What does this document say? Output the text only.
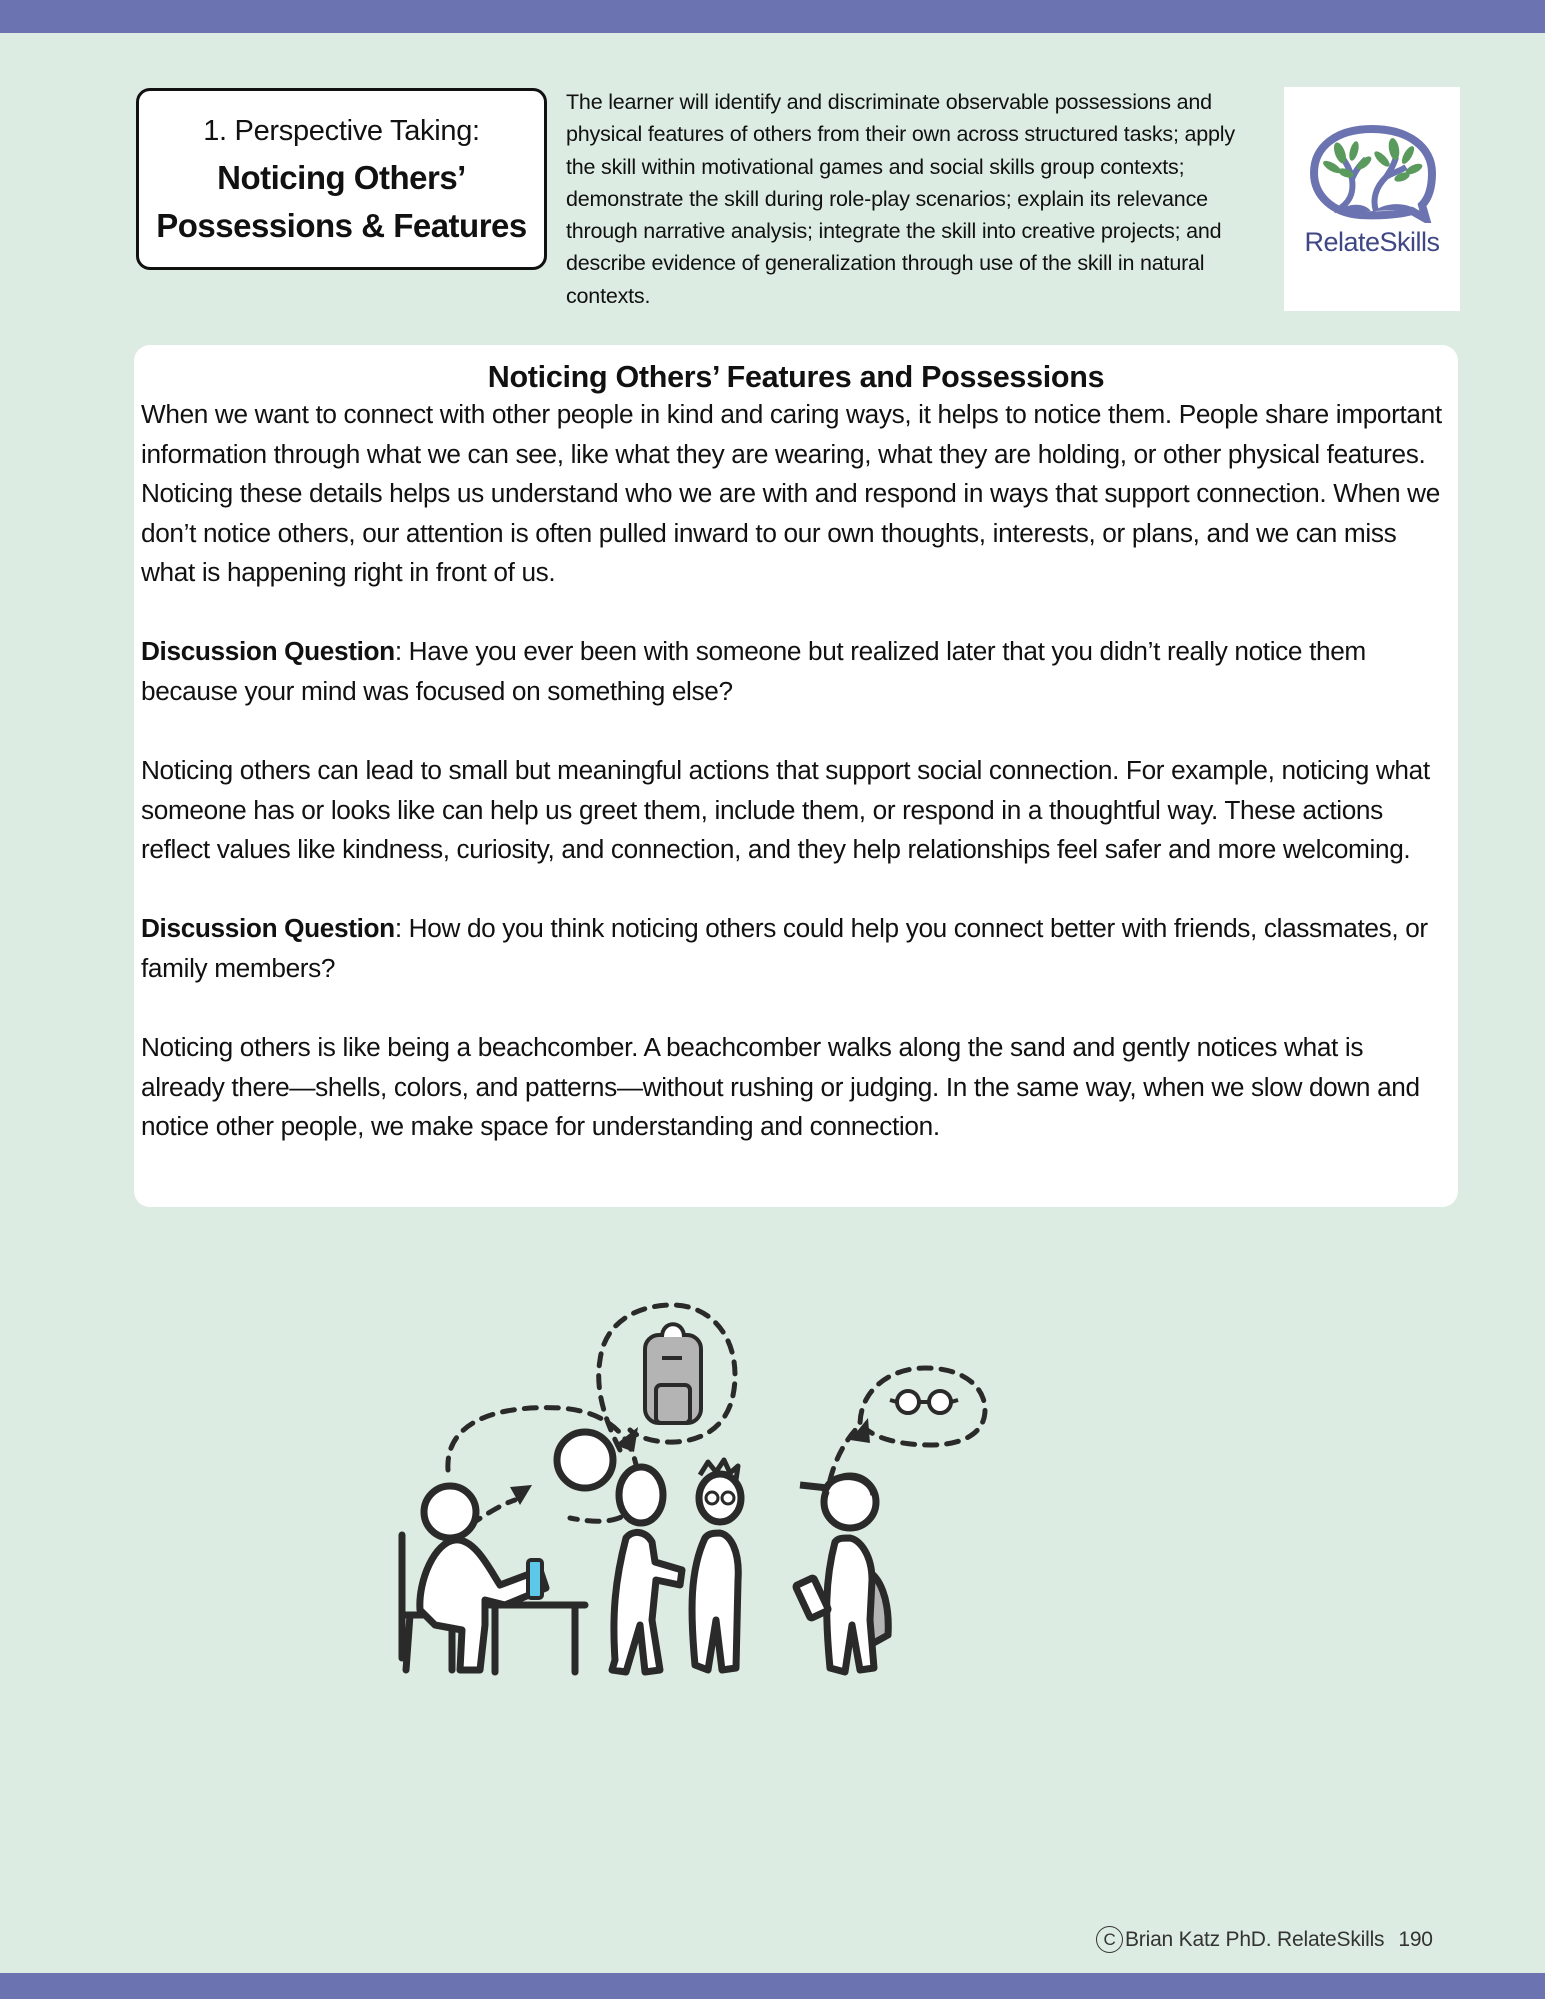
1. Perspective Taking:
Noticing Others’
Possessions & Features
The learner will identify and discriminate observable possessions and physical features of others from their own across structured tasks; apply the skill within motivational games and social skills group contexts; demonstrate the skill during role-play scenarios; explain its relevance through narrative analysis; integrate the skill into creative projects; and describe evidence of generalization through use of the skill in natural contexts.
RelateSkills
Noticing Others’ Features and Possessions

When we want to connect with other people in kind and caring ways, it helps to notice them. People share important information through what we can see, like what they are wearing, what they are holding, or other physical features. Noticing these details helps us understand who we are with and respond in ways that support connection. When we don’t notice others, our attention is often pulled inward to our own thoughts, interests, or plans, and we can miss what is happening right in front of us.

Discussion Question: Have you ever been with someone but realized later that you didn’t really notice them because your mind was focused on something else?

Noticing others can lead to small but meaningful actions that support social connection. For example, noticing what someone has or looks like can help us greet them, include them, or respond in a thoughtful way. These actions reflect values like kindness, curiosity, and connection, and they help relationships feel safer and more welcoming.

Discussion Question: How do you think noticing others could help you connect better with friends, classmates, or family members?

Noticing others is like being a beachcomber. A beachcomber walks along the sand and gently notices what is already there—shells, colors, and patterns—without rushing or judging. In the same way, when we slow down and notice other people, we make space for understanding and connection.

C Brian Katz PhD. RelateSkills 190
